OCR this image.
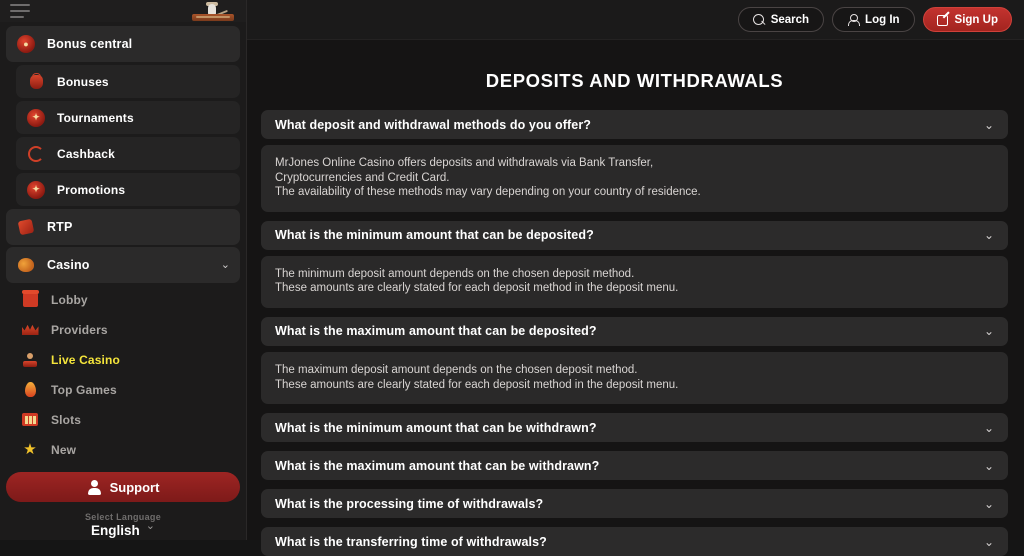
● Bonus central
Bonuses
✦ Tournaments
Cashback
✦ Promotions
RTP
Casino	⌄
Lobby
Providers
Live Casino
Top Games
Slots
★ New
Support
Select Language
English ⌄
Search	Log In	Sign Up
DEPOSITS AND WITHDRAWALS
What deposit and withdrawal methods do you offer?	⌄

MrJones Online Casino offers deposits and withdrawals via Bank Transfer,

Cryptocurrencies and Credit Card.

The availability of these methods may vary depending on your country of residence.

What is the minimum amount that can be deposited?	⌄

The minimum deposit amount depends on the chosen deposit method.

These amounts are clearly stated for each deposit method in the deposit menu.

What is the maximum amount that can be deposited?	⌄

The maximum deposit amount depends on the chosen deposit method.

These amounts are clearly stated for each deposit method in the deposit menu.

What is the minimum amount that can be withdrawn?	⌄
What is the maximum amount that can be withdrawn?	⌄
What is the processing time of withdrawals?	⌄
What is the transferring time of withdrawals?	⌄
